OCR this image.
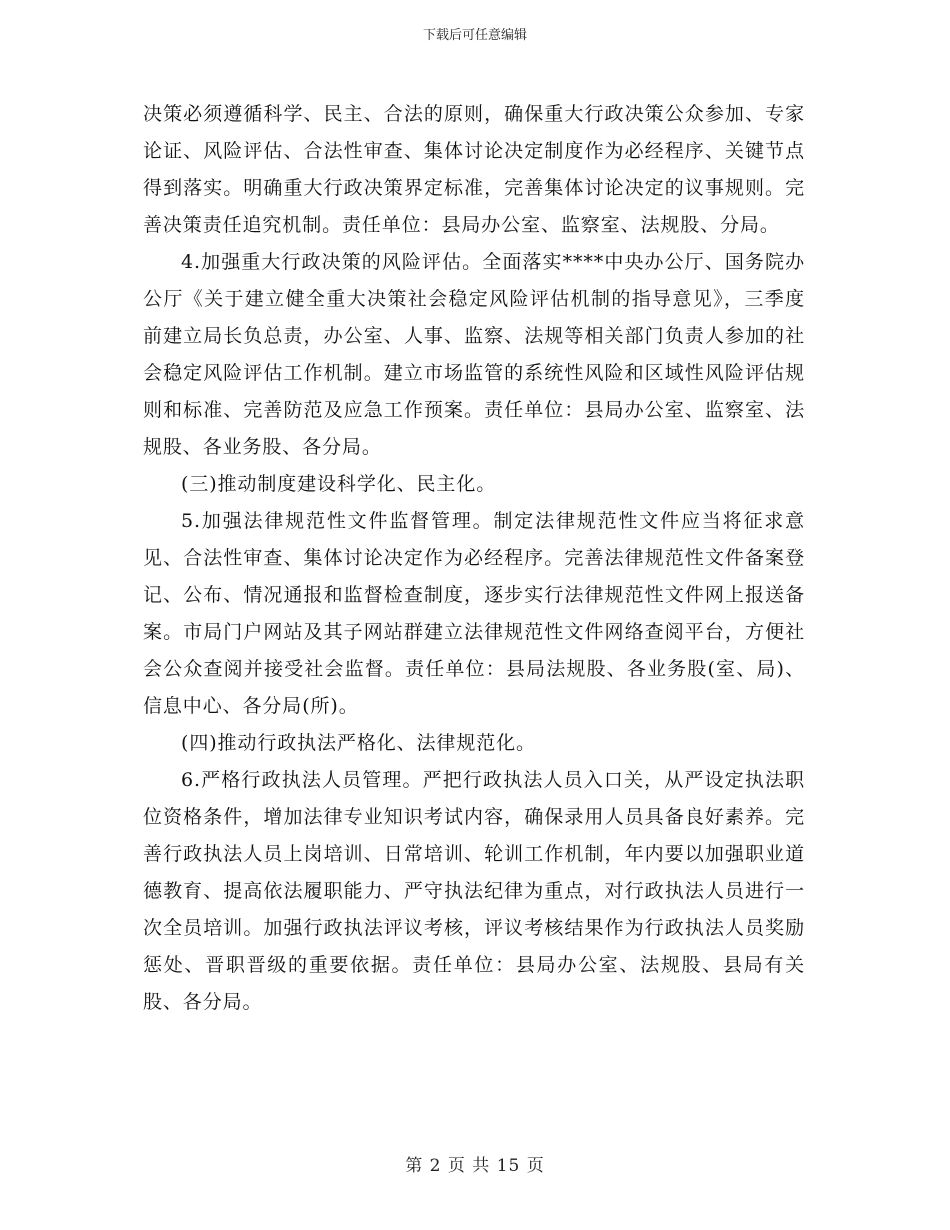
下载后可任意编辑

决策必须遵循科学、民主、合法的原则，确保重大行政决策公众参加、专家论证、风险评估、合法性审查、集体讨论决定制度作为必经程序、关键节点得到落实。明确重大行政决策界定标准，完善集体讨论决定的议事规则。完善决策责任追究机制。责任单位：县局办公室、监察室、法规股、分局。

4.加强重大行政决策的风险评估。全面落实****中央办公厅、国务院办公厅《关于建立健全重大决策社会稳定风险评估机制的指导意见》，三季度前建立局长负总责，办公室、人事、监察、法规等相关部门负责人参加的社会稳定风险评估工作机制。建立市场监管的系统性风险和区域性风险评估规则和标准、完善防范及应急工作预案。责任单位：县局办公室、监察室、法规股、各业务股、各分局。

(三)推动制度建设科学化、民主化。

5.加强法律规范性文件监督管理。制定法律规范性文件应当将征求意见、合法性审查、集体讨论决定作为必经程序。完善法律规范性文件备案登记、公布、情况通报和监督检查制度，逐步实行法律规范性文件网上报送备案。市局门户网站及其子网站群建立法律规范性文件网络查阅平台，方便社会公众查阅并接受社会监督。责任单位：县局法规股、各业务股(室、局)、信息中心、各分局(所)。

(四)推动行政执法严格化、法律规范化。

6.严格行政执法人员管理。严把行政执法人员入口关，从严设定执法职位资格条件，增加法律专业知识考试内容，确保录用人员具备良好素养。完善行政执法人员上岗培训、日常培训、轮训工作机制，年内要以加强职业道德教育、提高依法履职能力、严守执法纪律为重点，对行政执法人员进行一次全员培训。加强行政执法评议考核，评议考核结果作为行政执法人员奖励惩处、晋职晋级的重要依据。责任单位：县局办公室、法规股、县局有关股、各分局。

第 2 页 共 15 页
